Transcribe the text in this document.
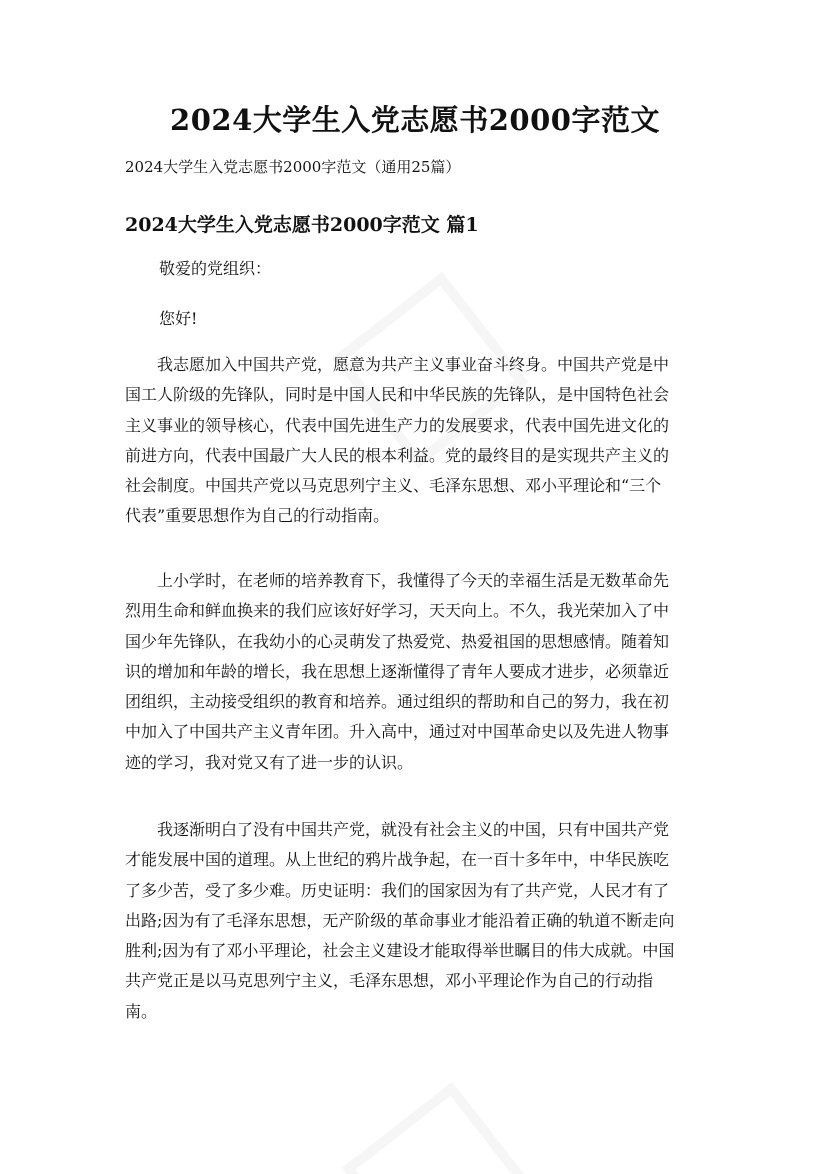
2024大学生入党志愿书2000字范文

2024大学生入党志愿书2000字范文（通用25篇）

2024大学生入党志愿书2000字范文 篇1

敬爱的党组织：

您好!

我志愿加入中国共产党，愿意为共产主义事业奋斗终身。中国共产党是中
国工人阶级的先锋队，同时是中国人民和中华民族的先锋队，是中国特色社会
主义事业的领导核心，代表中国先进生产力的发展要求，代表中国先进文化的
前进方向，代表中国最广大人民的根本利益。党的最终目的是实现共产主义的
社会制度。中国共产党以马克思列宁主义、毛泽东思想、邓小平理论和“三个
代表”重要思想作为自己的行动指南。

上小学时，在老师的培养教育下，我懂得了今天的幸福生活是无数革命先
烈用生命和鲜血换来的我们应该好好学习，天天向上。不久，我光荣加入了中
国少年先锋队，在我幼小的心灵萌发了热爱党、热爱祖国的思想感情。随着知
识的增加和年龄的增长，我在思想上逐渐懂得了青年人要成才进步，必须靠近
团组织，主动接受组织的教育和培养。通过组织的帮助和自己的努力，我在初
中加入了中国共产主义青年团。升入高中，通过对中国革命史以及先进人物事
迹的学习，我对党又有了进一步的认识。

我逐渐明白了没有中国共产党，就没有社会主义的中国，只有中国共产党
才能发展中国的道理。从上世纪的鸦片战争起，在一百十多年中，中华民族吃
了多少苦，受了多少难。历史证明：我们的国家因为有了共产党，人民才有了
出路;因为有了毛泽东思想，无产阶级的革命事业才能沿着正确的轨道不断走向
胜利;因为有了邓小平理论，社会主义建设才能取得举世瞩目的伟大成就。中国
共产党正是以马克思列宁主义，毛泽东思想，邓小平理论作为自己的行动指
南。
